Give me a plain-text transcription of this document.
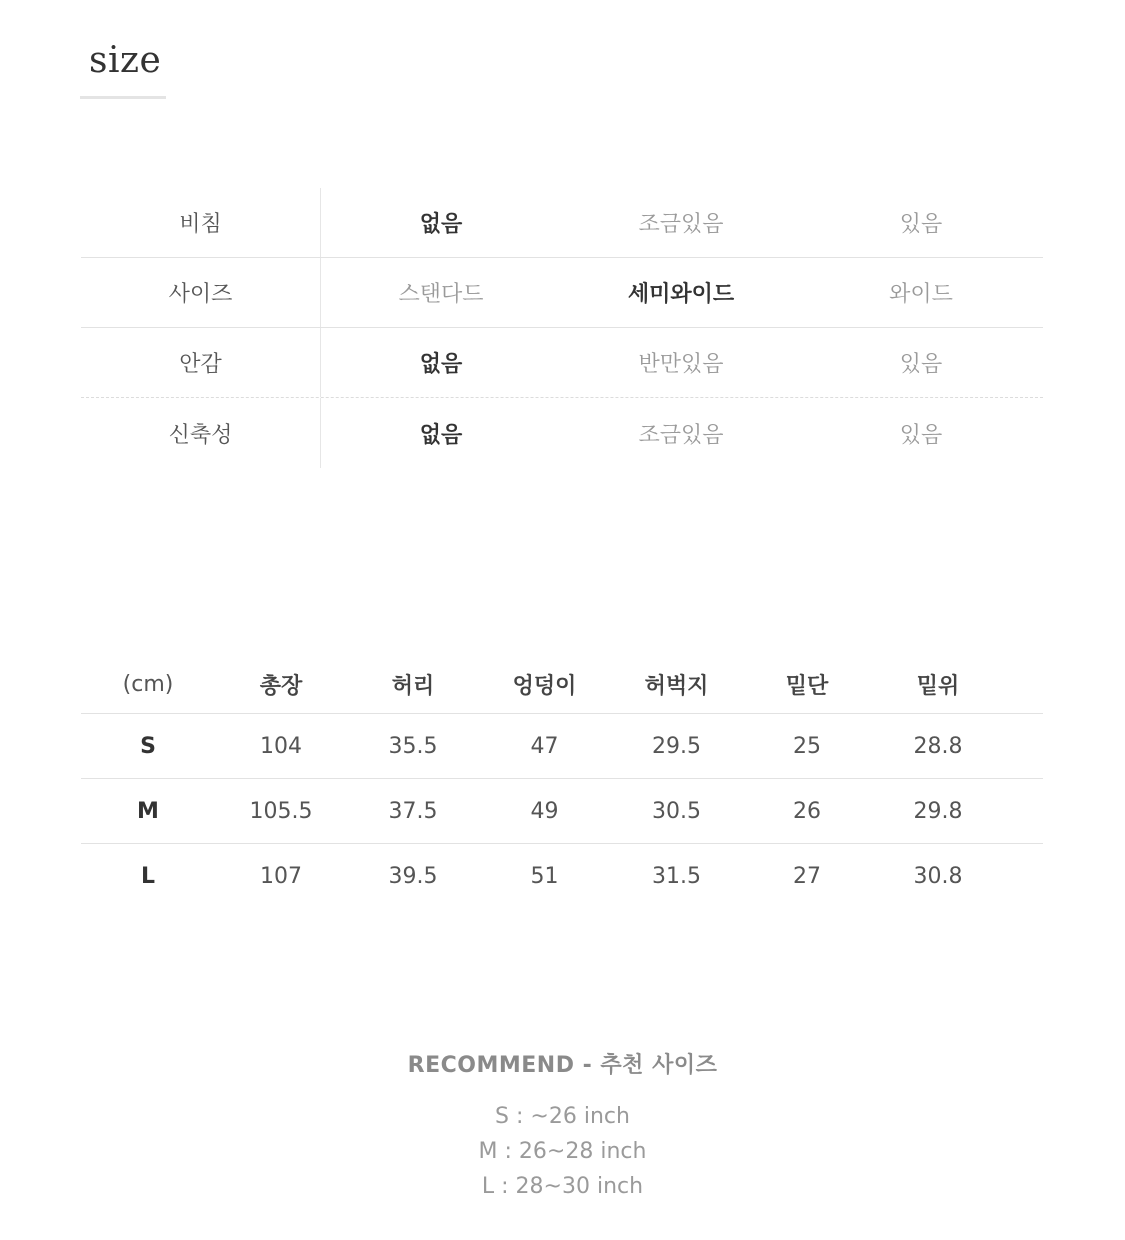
size
비침	없음	조금있음	있음
사이즈	스탠다드	세미와이드	와이드
안감	없음	반만있음	있음
신축성	없음	조금있음	있음
(cm)	총장	허리	엉덩이	허벅지	밑단	밑위
S	104	35.5	47	29.5	25	28.8
M	105.5	37.5	49	30.5	26	29.8
L	107	39.5	51	31.5	27	30.8
RECOMMEND - 추천 사이즈
S : ~26 inch
M : 26~28 inch
L : 28~30 inch
